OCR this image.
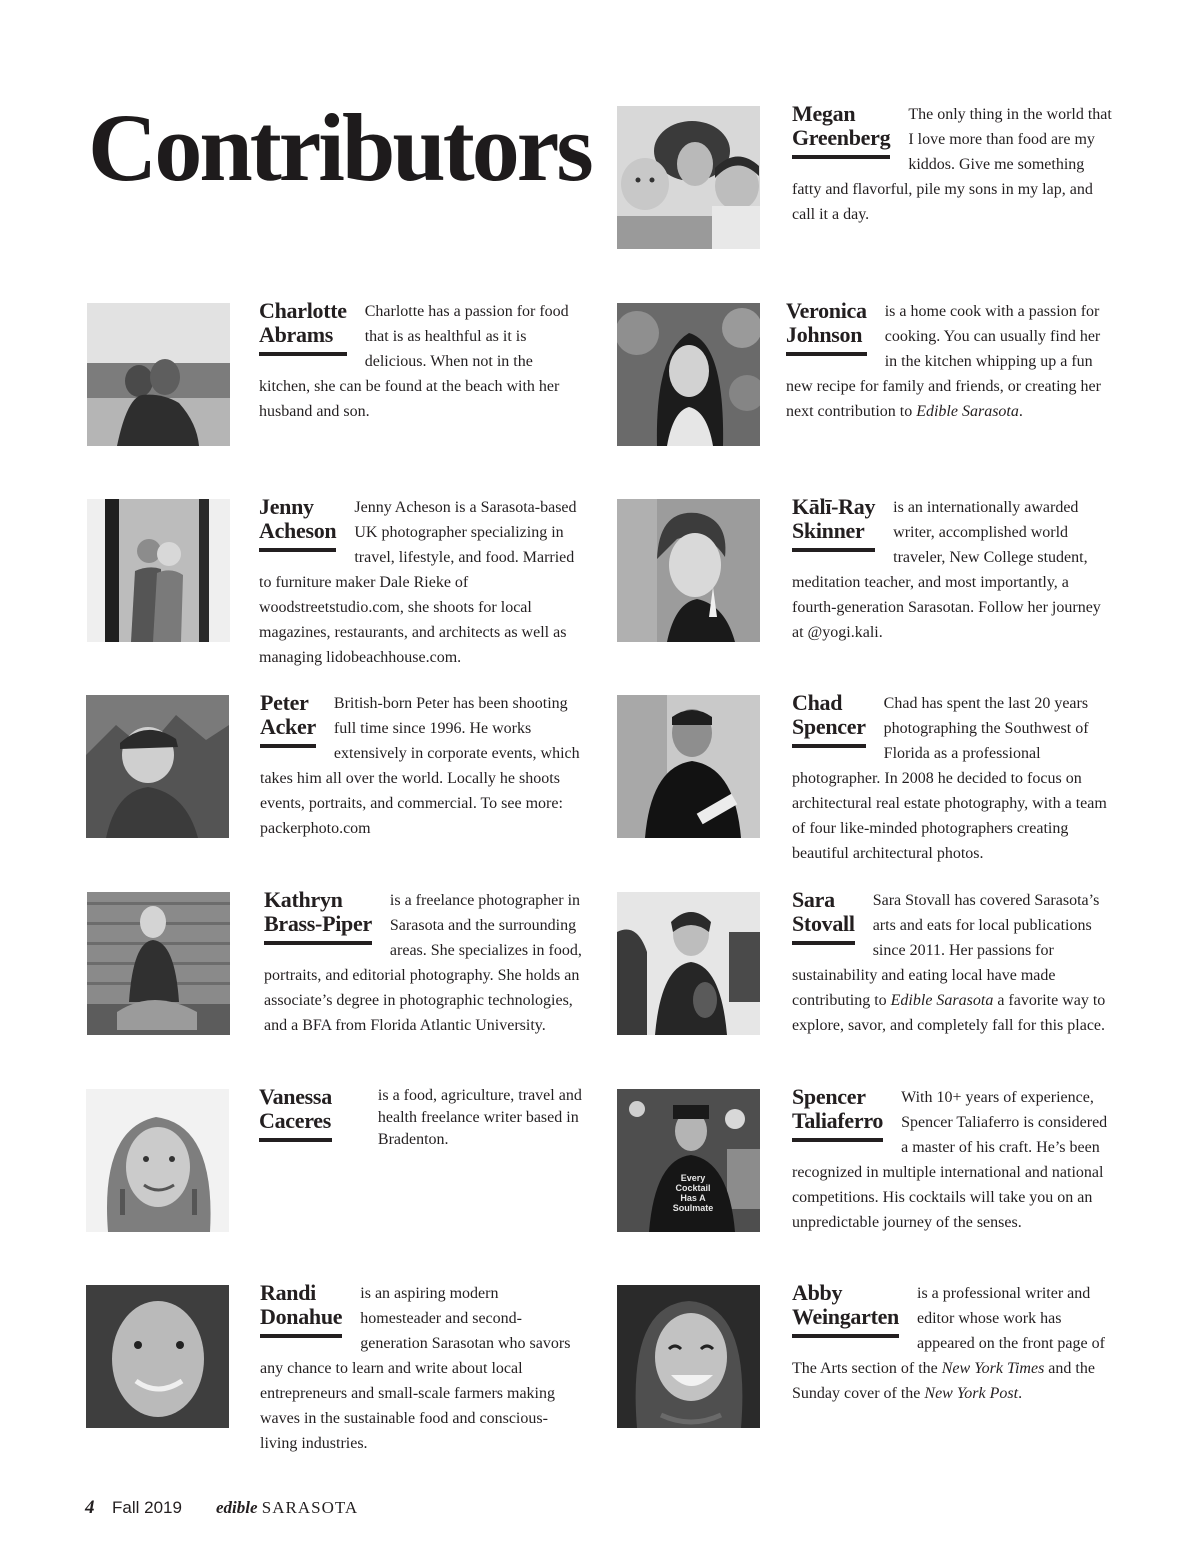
Contributors	Megan
Greenberg
The only thing in the world that I love more than food are my kiddos. Give me something fatty and flavorful, pile my sons in my lap, and call it a day.
Charlotte
Abrams
Charlotte has a passion for food that is as healthful as it is delicious. When not in the kitchen, she can be found at the beach with her husband and son.
Veronica
Johnson
is a home cook with a passion for cooking. You can usually find her in the kitchen whipping up a fun new recipe for family and friends, or creating her next contribution to Edible Sarasota.
Jenny
Acheson
Jenny Acheson is a Sarasota-based UK photographer specializing in travel, lifestyle, and food. Married to furniture maker Dale Rieke of woodstreetstudio.com, she shoots for local magazines, restaurants, and architects as well as managing lidobeachhouse.com.
Kālī-Ray
Skinner
is an internationally awarded writer, accomplished world traveler, New College student, meditation teacher, and most importantly, a fourth-generation Sarasotan. Follow her journey at @yogi.kali.
Peter
Acker
British-born Peter has been shooting full time since 1996. He works extensively in corporate events, which takes him all over the world. Locally he shoots events, portraits, and commercial. To see more: packerphoto.com
Chad
Spencer
Chad has spent the last 20 years photographing the Southwest of Florida as a professional photographer. In 2008 he decided to focus on architectural real estate photography, with a team of four like-minded photographers creating beautiful architectural photos.
Kathryn
Brass-Piper
is a freelance photographer in Sarasota and the surrounding areas. She specializes in food, portraits, and editorial photography. She holds an associate’s degree in photographic technologies, and a BFA from Florida Atlantic University.
Sara
Stovall
Sara Stovall has covered Sarasota’s arts and eats for local publications since 2011. Her passions for sustainability and eating local have made contributing to Edible Sarasota a favorite way to explore, savor, and completely fall for this place.
Vanessa
Caceres
is a food, agriculture, travel and health freelance writer based in Bradenton.
Every
Cocktail
Has A
Soulmate
Spencer
Taliaferro
With 10+ years of experience, Spencer Taliaferro is considered a master of his craft. He’s been recognized in multiple international and national competitions. His cocktails will take you on an unpredictable journey of the senses.
Randi
Donahue
is an aspiring modern homesteader and second-generation Sarasotan who savors any chance to learn and write about local entrepreneurs and small-scale farmers making waves in the sustainable food and conscious-living industries.
Abby
Weingarten
is a professional writer and editor whose work has appeared on the front page of The Arts section of the New York Times and the Sunday cover of the New York Post.
4 Fall 2019 edible SARASOTA
